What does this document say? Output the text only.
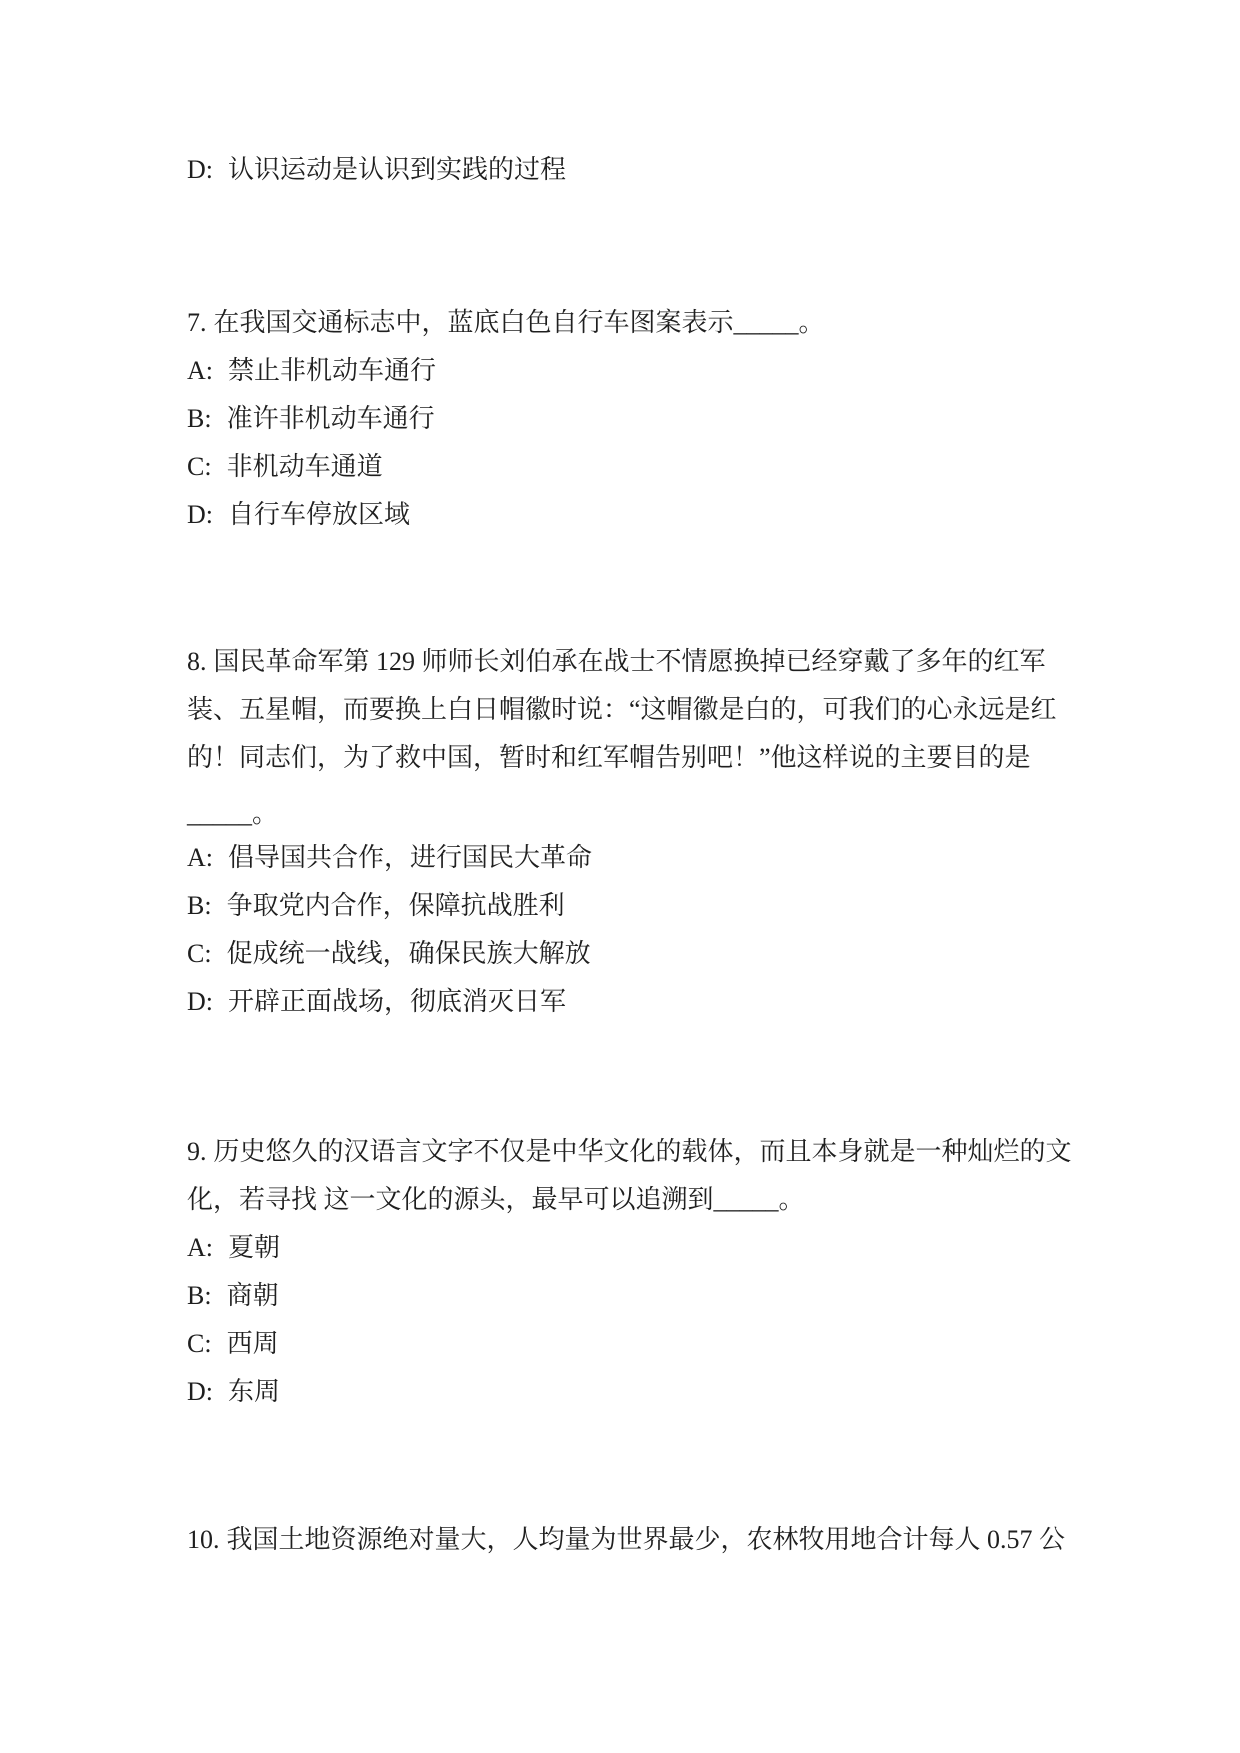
D: 认识运动是认识到实践的过程
7. 在我国交通标志中，蓝底白色自行车图案表示_____。
A: 禁止非机动车通行
B: 准许非机动车通行
C: 非机动车通道
D: 自行车停放区域
8. 国民革命军第 129 师师长刘伯承在战士不情愿换掉已经穿戴了多年的红军
装、五星帽，而要换上白日帽徽时说：“这帽徽是白的，可我们的心永远是红
的！同志们，为了救中国，暂时和红军帽告别吧！”他这样说的主要目的是
_____。
A: 倡导国共合作，进行国民大革命
B: 争取党内合作，保障抗战胜利
C: 促成统一战线，确保民族大解放
D: 开辟正面战场，彻底消灭日军
9. 历史悠久的汉语言文字不仅是中华文化的载体，而且本身就是一种灿烂的文
化，若寻找 这一文化的源头，最早可以追溯到_____。
A: 夏朝
B: 商朝
C: 西周
D: 东周
10. 我国土地资源绝对量大，人均量为世界最少，农林牧用地合计每人 0.57 公
